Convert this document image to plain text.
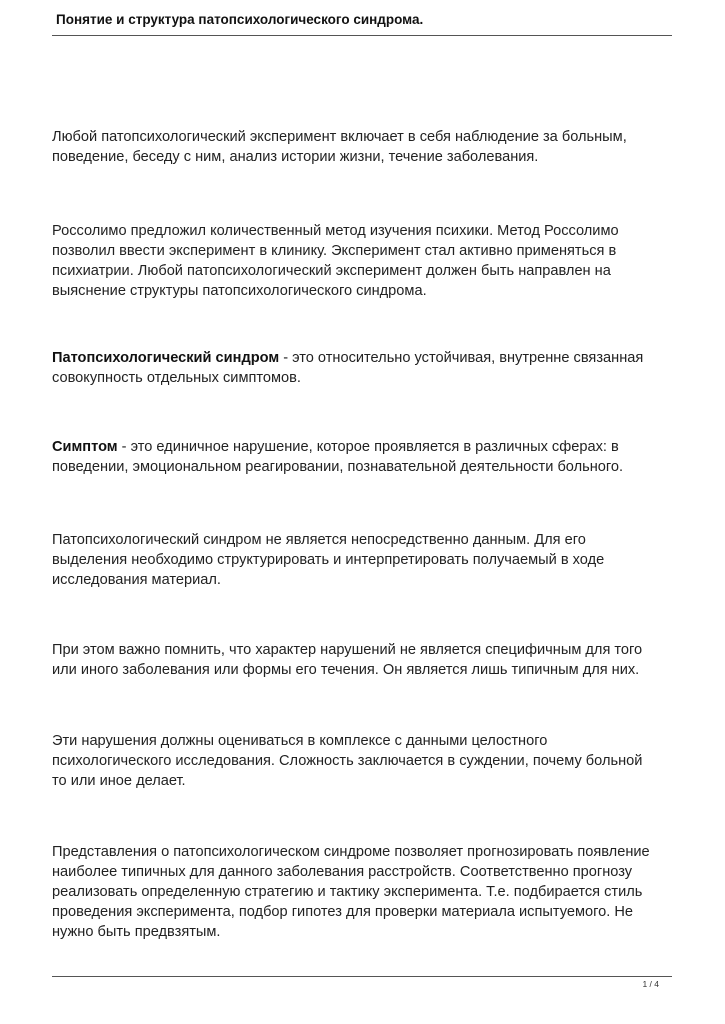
Понятие и структура патопсихологического синдрома.

Любой патопсихологический эксперимент включает в себя наблюдение за больным,
поведение, беседу с ним, анализ истории жизни, течение заболевания.

Россолимо предложил количественный метод изучения психики. Метод Россолимо
позволил ввести эксперимент в клинику. Эксперимент стал активно применяться в
психиатрии. Любой патопсихологический эксперимент должен быть направлен на
выяснение структуры патопсихологического синдрома.

Патопсихологический синдром - это относительно устойчивая, внутренне связанная
совокупность отдельных симптомов.

Симптом - это единичное нарушение, которое проявляется в различных сферах: в
поведении, эмоциональном реагировании, познавательной деятельности больного.

Патопсихологический синдром не является непосредственно данным. Для его
выделения необходимо структурировать и интерпретировать получаемый в ходе
исследования материал.

При этом важно помнить, что характер нарушений не является специфичным для того
или иного заболевания или формы его течения. Он является лишь типичным для них.

Эти нарушения должны оцениваться в комплексе с данными целостного
психологического исследования. Сложность заключается в суждении, почему больной
то или иное делает.

Представления о патопсихологическом синдроме позволяет прогнозировать появление
наиболее типичных для данного заболевания расстройств. Соответственно прогнозу
реализовать определенную стратегию и тактику эксперимента. Т.е. подбирается стиль
проведения эксперимента, подбор гипотез для проверки материала испытуемого. Не
нужно быть предвзятым.

1 / 4
